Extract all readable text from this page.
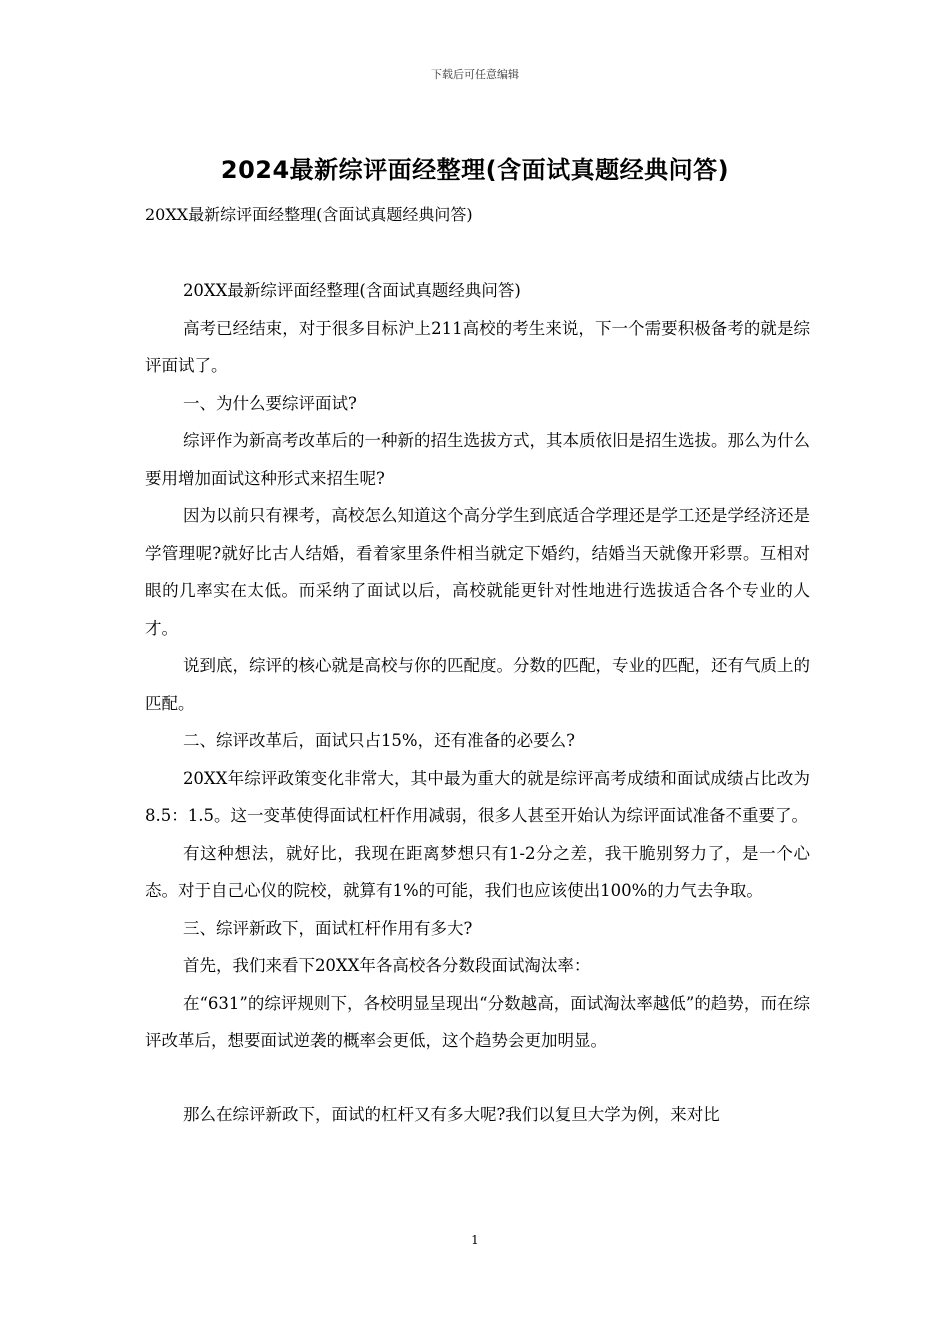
下载后可任意编辑
2024最新综评面经整理(含面试真题经典问答)
20XX最新综评面经整理(含面试真题经典问答)

20XX最新综评面经整理(含面试真题经典问答)

高考已经结束，对于很多目标沪上211高校的考生来说，下一个需要积极备考的就是综评面试了。

一、为什么要综评面试?

综评作为新高考改革后的一种新的招生选拔方式，其本质依旧是招生选拔。那么为什么要用增加面试这种形式来招生呢?

因为以前只有裸考，高校怎么知道这个高分学生到底适合学理还是学工还是学经济还是学管理呢?就好比古人结婚，看着家里条件相当就定下婚约，结婚当天就像开彩票。互相对眼的几率实在太低。而采纳了面试以后，高校就能更针对性地进行选拔适合各个专业的人才。

说到底，综评的核心就是高校与你的匹配度。分数的匹配，专业的匹配，还有气质上的匹配。

二、综评改革后，面试只占15%，还有准备的必要么?

20XX年综评政策变化非常大，其中最为重大的就是综评高考成绩和面试成绩占比改为8.5：1.5。这一变革使得面试杠杆作用减弱，很多人甚至开始认为综评面试准备不重要了。

有这种想法，就好比，我现在距离梦想只有1-2分之差，我干脆别努力了，是一个心态。对于自己心仪的院校，就算有1%的可能，我们也应该使出100%的力气去争取。

三、综评新政下，面试杠杆作用有多大?

首先，我们来看下20XX年各高校各分数段面试淘汰率：

在“631”的综评规则下，各校明显呈现出“分数越高，面试淘汰率越低”的趋势，而在综评改革后，想要面试逆袭的概率会更低，这个趋势会更加明显。

那么在综评新政下，面试的杠杆又有多大呢?我们以复旦大学为例，来对比

1
